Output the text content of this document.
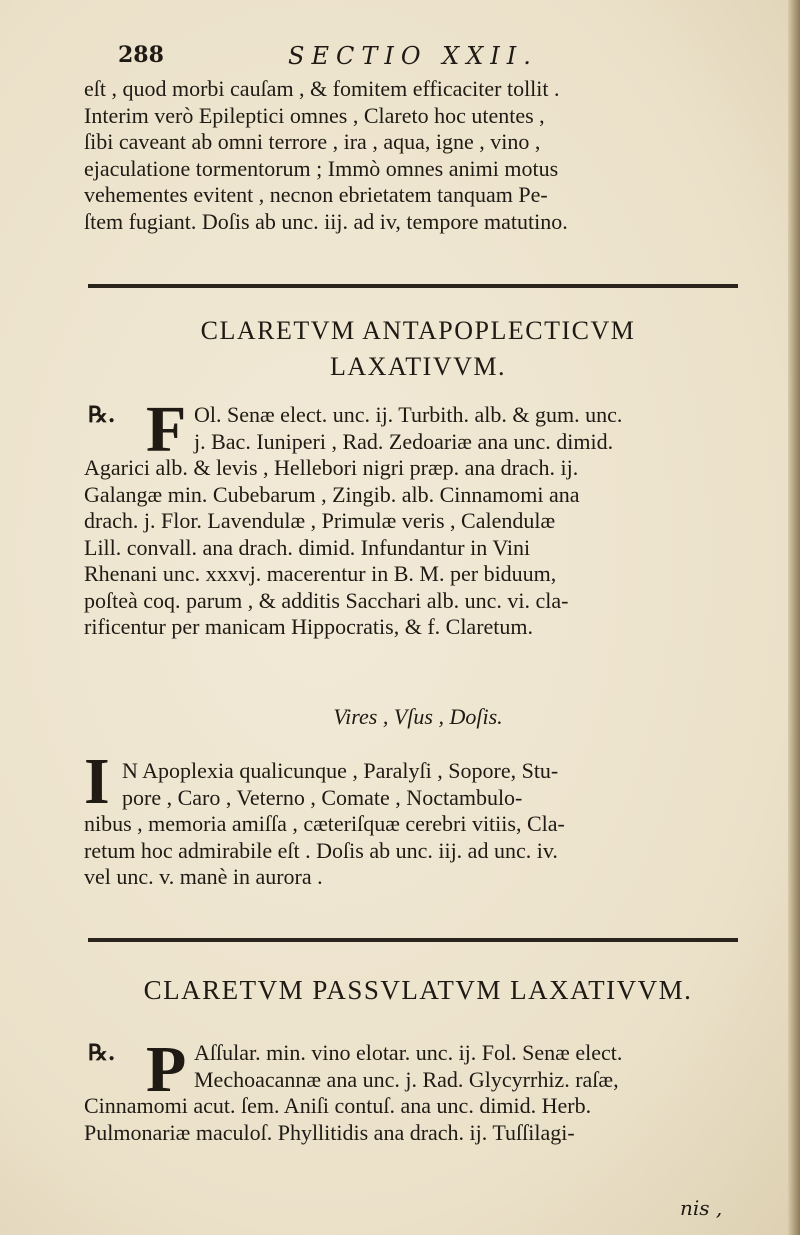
288	SECTIO XXII.
eſt , quod morbi cauſam , & fomitem efficaciter tollit .
Interim verò Epileptici omnes , Clareto hoc utentes ,
ſibi caveant ab omni terrore , ira , aqua, igne , vino ,
ejaculatione tormentorum ; Immò omnes animi motus
vehementes evitent , necnon ebrietatem tanquam Pe-
ſtem fugiant. Doſis ab unc. iij. ad iv, tempore matutino.
CLARETVM ANTAPOPLECTICVM
LAXATIVVM.
℞. F Ol. Senæ elect. unc. ij. Turbith. alb. & gum. unc.
j. Bac. Iuniperi , Rad. Zedoariæ ana unc. dimid.
Agarici alb. & levis , Hellebori nigri præp. ana drach. ij.
Galangæ min. Cubebarum , Zingib. alb. Cinnamomi ana
drach. j. Flor. Lavendulæ , Primulæ veris , Calendulæ
Lill. convall. ana drach. dimid. Infundantur in Vini
Rhenani unc. xxxvj. macerentur in B. M. per biduum,
poſteà coq. parum , & additis Sacchari alb. unc. vi. cla-
rificentur per manicam Hippocratis, & f. Claretum.
Vires , Vſus , Doſis.
I N Apoplexia qualicunque , Paralyſi , Sopore, Stu-
pore , Caro , Veterno , Comate , Noctambulo-
nibus , memoria amiſſa , cæteriſquæ cerebri vitiis, Cla-
retum hoc admirabile eſt . Doſis ab unc. iij. ad unc. iv.
vel unc. v. manè in aurora .
CLARETVM PASSVLATVM LAXATIVVM.
℞. P Aſſular. min. vino elotar. unc. ij. Fol. Senæ elect.
Mechoacannæ ana unc. j. Rad. Glycyrrhiz. raſæ,
Cinnamomi acut. ſem. Aniſi contuſ. ana unc. dimid. Herb.
Pulmonariæ maculoſ. Phyllitidis ana drach. ij. Tuſſilagi-
nis ,
